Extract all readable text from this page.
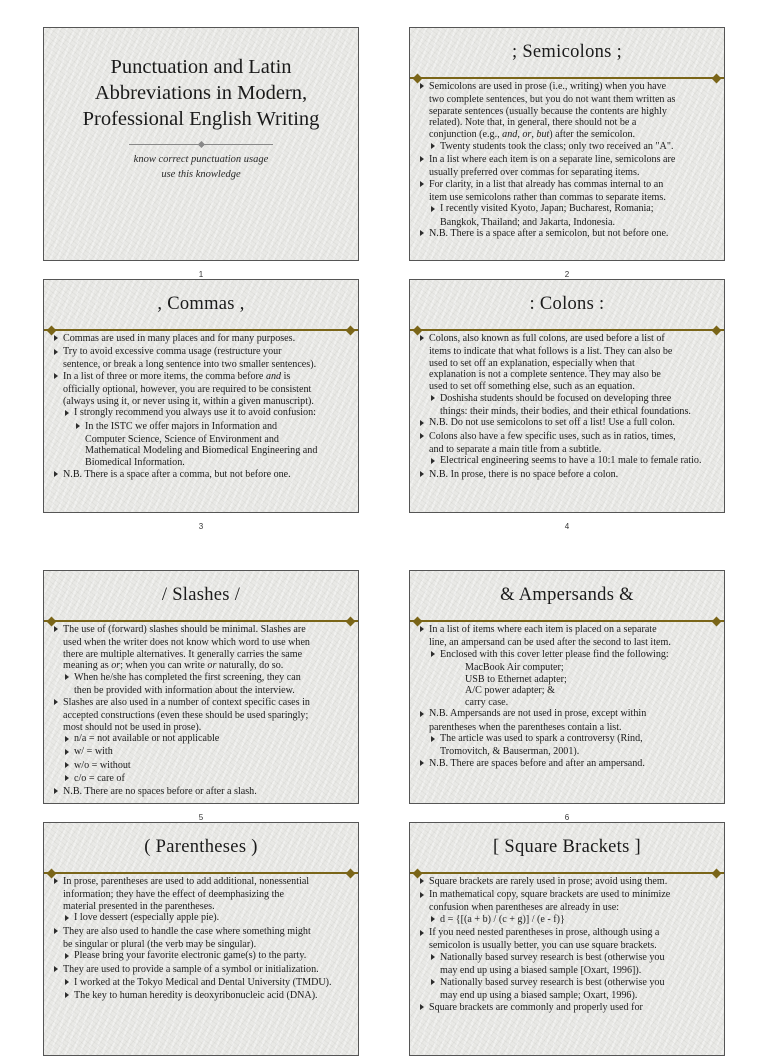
Punctuation and Latin
Abbreviations in Modern,
Professional English Writing
know correct punctuation usage
use this knowledge
1
; Semicolons ;
Semicolons are used in prose (i.e., writing) when you have
two complete sentences, but you do not want them written as
separate sentences (usually because the contents are highly
related). Note that, in general, there should not be a
conjunction (e.g., and, or, but) after the semicolon.
Twenty students took the class; only two received an "A".
In a list where each item is on a separate line, semicolons are
usually preferred over commas for separating items.
For clarity, in a list that already has commas internal to an
item use semicolons rather than commas to separate items.
I recently visited Kyoto, Japan; Bucharest, Romania;
Bangkok, Thailand; and Jakarta, Indonesia.
N.B. There is a space after a semicolon, but not before one.
2
, Commas ,
Commas are used in many places and for many purposes.
Try to avoid excessive comma usage (restructure your
sentence, or break a long sentence into two smaller sentences).
In a list of three or more items, the comma before and is
officially optional, however, you are required to be consistent
(always using it, or never using it, within a given manuscript).
I strongly recommend you always use it to avoid confusion:
In the ISTC we offer majors in Information and
Computer Science, Science of Environment and
Mathematical Modeling and Biomedical Engineering and
Biomedical Information.
N.B. There is a space after a comma, but not before one.
3
: Colons :
Colons, also known as full colons, are used before a list of
items to indicate that what follows is a list. They can also be
used to set off an explanation, especially when that
explanation is not a complete sentence. They may also be
used to set off something else, such as an equation.
Doshisha students should be focused on developing three
things: their minds, their bodies, and their ethical foundations.
N.B. Do not use semicolons to set off a list! Use a full colon.
Colons also have a few specific uses, such as in ratios, times,
and to separate a main title from a subtitle.
Electrical engineering seems to have a 10:1 male to female ratio.
N.B. In prose, there is no space before a colon.
4
/ Slashes /
The use of (forward) slashes should be minimal. Slashes are
used when the writer does not know which word to use when
there are multiple alternatives. It generally carries the same
meaning as or; when you can write or naturally, do so.
When he/she has completed the first screening, they can
then be provided with information about the interview.
Slashes are also used in a number of context specific cases in
accepted constructions (even these should be used sparingly;
most should not be used in prose).
n/a = not available or not applicable
w/ = with
w/o = without
c/o = care of
N.B. There are no spaces before or after a slash.
5
& Ampersands &
In a list of items where each item is placed on a separate
line, an ampersand can be used after the second to last item.
Enclosed with this cover letter please find the following:
MacBook Air computer;
USB to Ethernet adapter;
A/C power adapter; &
carry case.
N.B. Ampersands are not used in prose, except within
parentheses when the parentheses contain a list.
The article was used to spark a controversy (Rind,
Tromovitch, & Bauserman, 2001).
N.B. There are spaces before and after an ampersand.
6
( Parentheses )
In prose, parentheses are used to add additional, nonessential
information; they have the effect of deemphasizing the
material presented in the parentheses.
I love dessert (especially apple pie).
They are also used to handle the case where something might
be singular or plural (the verb may be singular).
Please bring your favorite electronic game(s) to the party.
They are used to provide a sample of a symbol or initialization.
I worked at the Tokyo Medical and Dental University (TMDU).
The key to human heredity is deoxyribonucleic acid (DNA).
[ Square Brackets ]
Square brackets are rarely used in prose; avoid using them.
In mathematical copy, square brackets are used to minimize
confusion when parentheses are already in use:
d = {[(a + b) / (c + g)] / (e - f)}
If you need nested parentheses in prose, although using a
semicolon is usually better, you can use square brackets.
Nationally based survey research is best (otherwise you
may end up using a biased sample [Oxart, 1996]).
Nationally based survey research is best (otherwise you
may end up using a biased sample; Oxart, 1996).
Square brackets are commonly and properly used for
